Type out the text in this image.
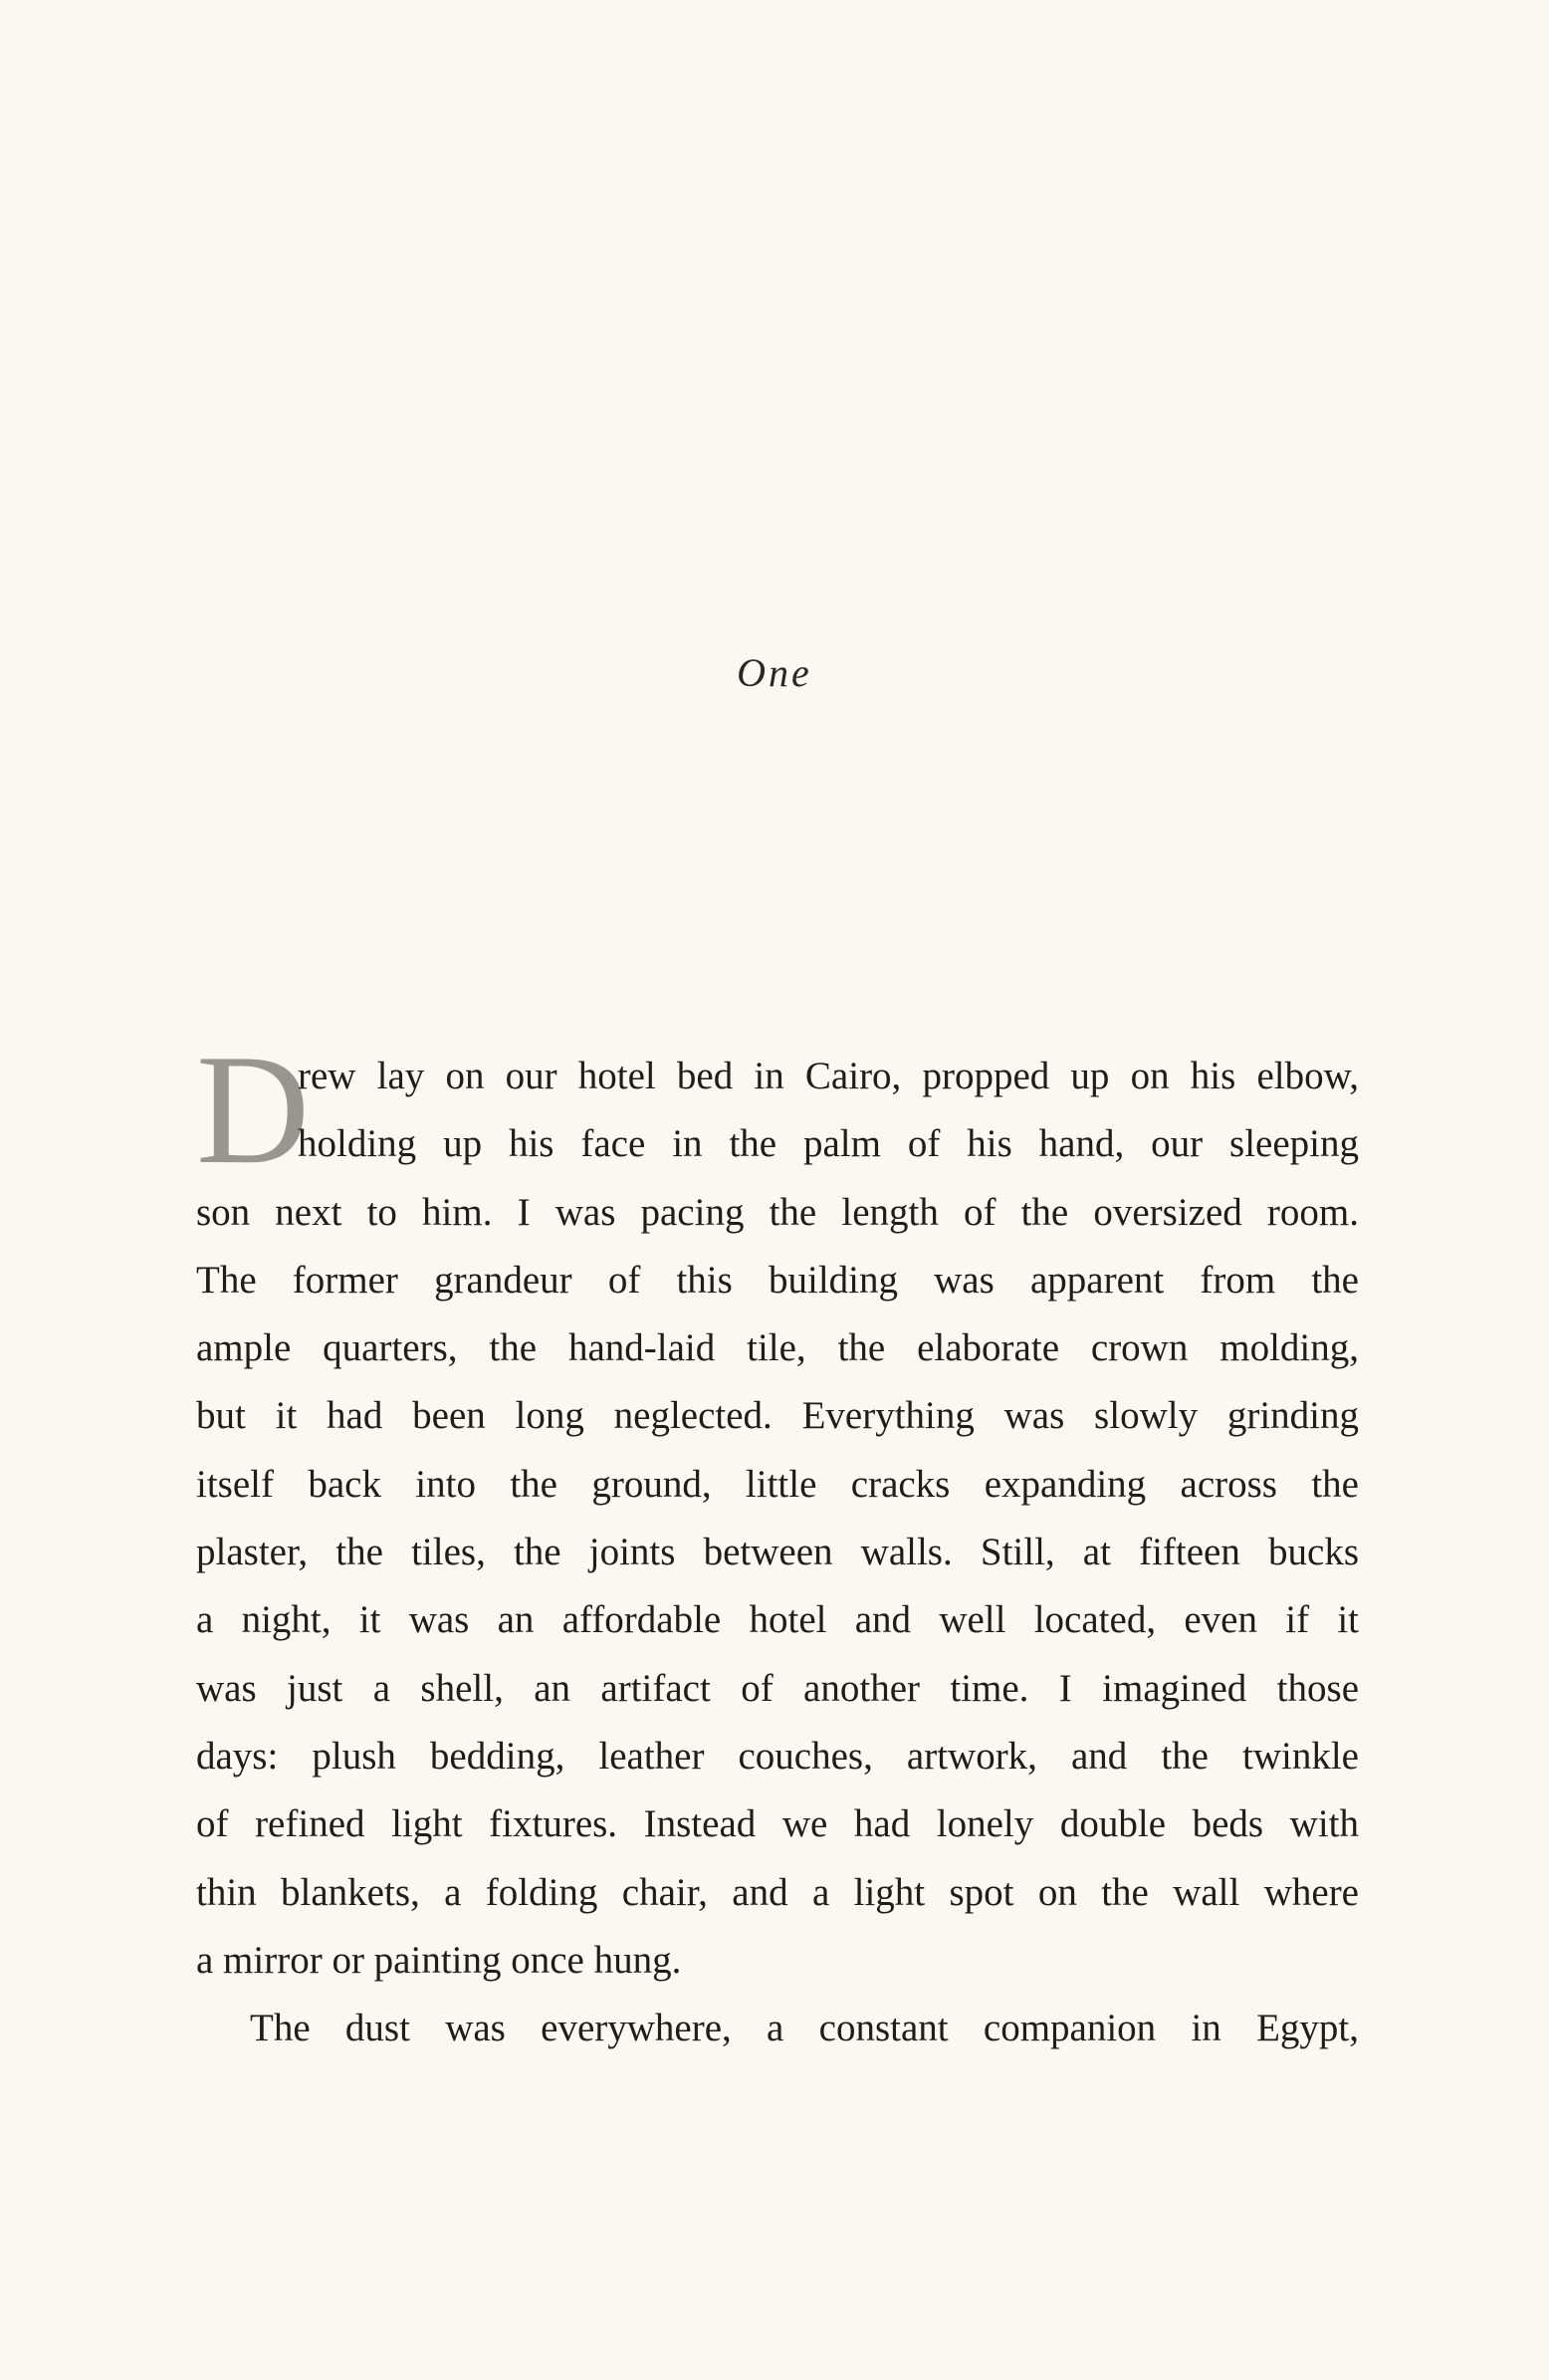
One
D
rew lay on our hotel bed in Cairo, propped up on his elbow,
holding up his face in the palm of his hand, our sleeping
son next to him. I was pacing the length of the oversized room.
The former grandeur of this building was apparent from the
ample quarters, the hand-laid tile, the elaborate crown molding,
but it had been long neglected. Everything was slowly grinding
itself back into the ground, little cracks expanding across the
plaster, the tiles, the joints between walls. Still, at fifteen bucks
a night, it was an affordable hotel and well located, even if it
was just a shell, an artifact of another time. I imagined those
days: plush bedding, leather couches, artwork, and the twinkle
of refined light fixtures. Instead we had lonely double beds with
thin blankets, a folding chair, and a light spot on the wall where
a mirror or painting once hung.
The dust was everywhere, a constant companion in Egypt,
